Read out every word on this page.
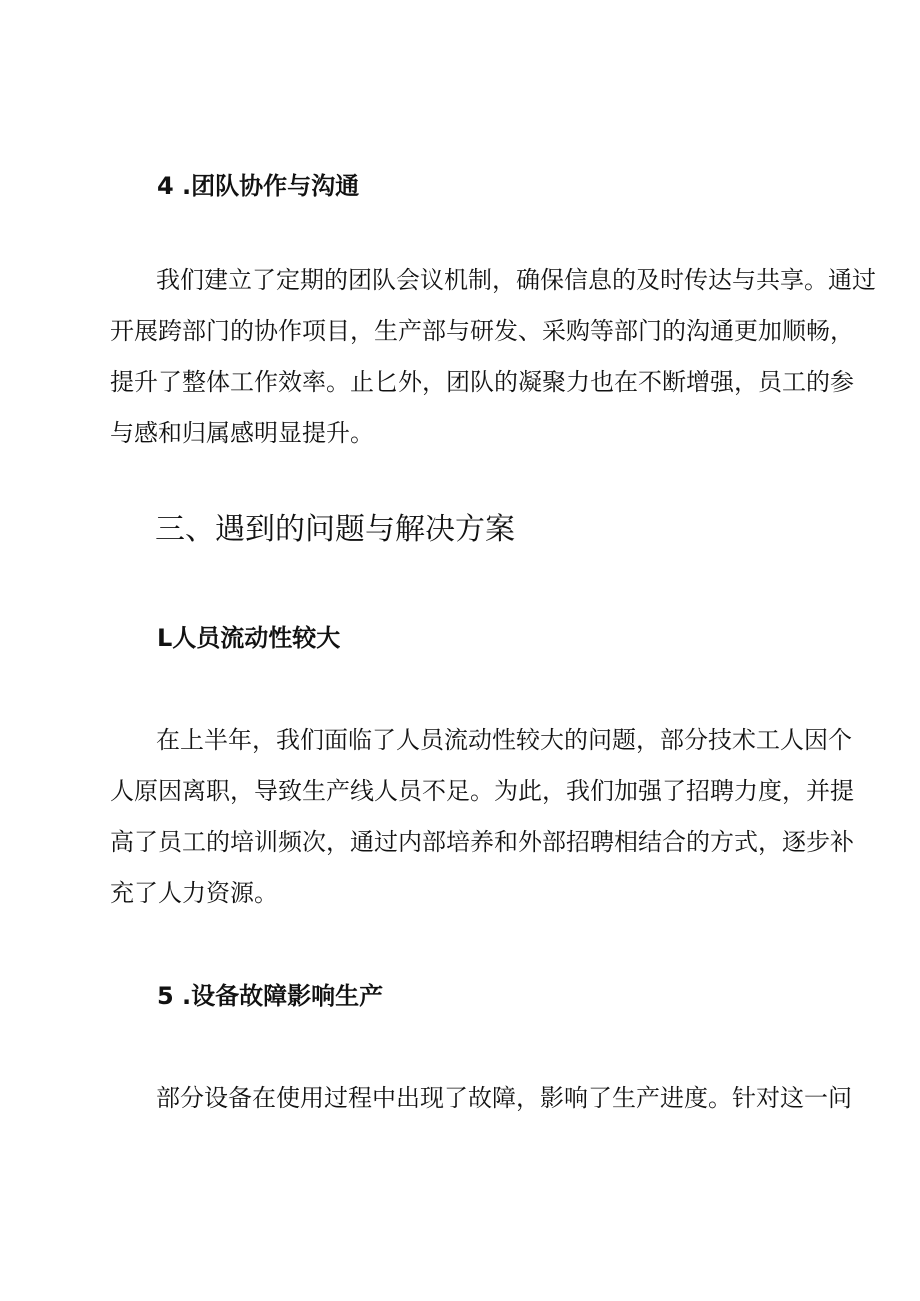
4 .团队协作与沟通
我们建立了定期的团队会议机制，确保信息的及时传达与共享。通过
开展跨部门的协作项目，生产部与研发、采购等部门的沟通更加顺畅，
提升了整体工作效率。止匕外，团队的凝聚力也在不断增强，员工的参
与感和归属感明显提升。
三、遇到的问题与解决方案
L人员流动性较大
在上半年，我们面临了人员流动性较大的问题，部分技术工人因个
人原因离职，导致生产线人员不足。为此，我们加强了招聘力度，并提
高了员工的培训频次，通过内部培养和外部招聘相结合的方式，逐步补
充了人力资源。
5 .设备故障影响生产
部分设备在使用过程中出现了故障，影响了生产进度。针对这一问
